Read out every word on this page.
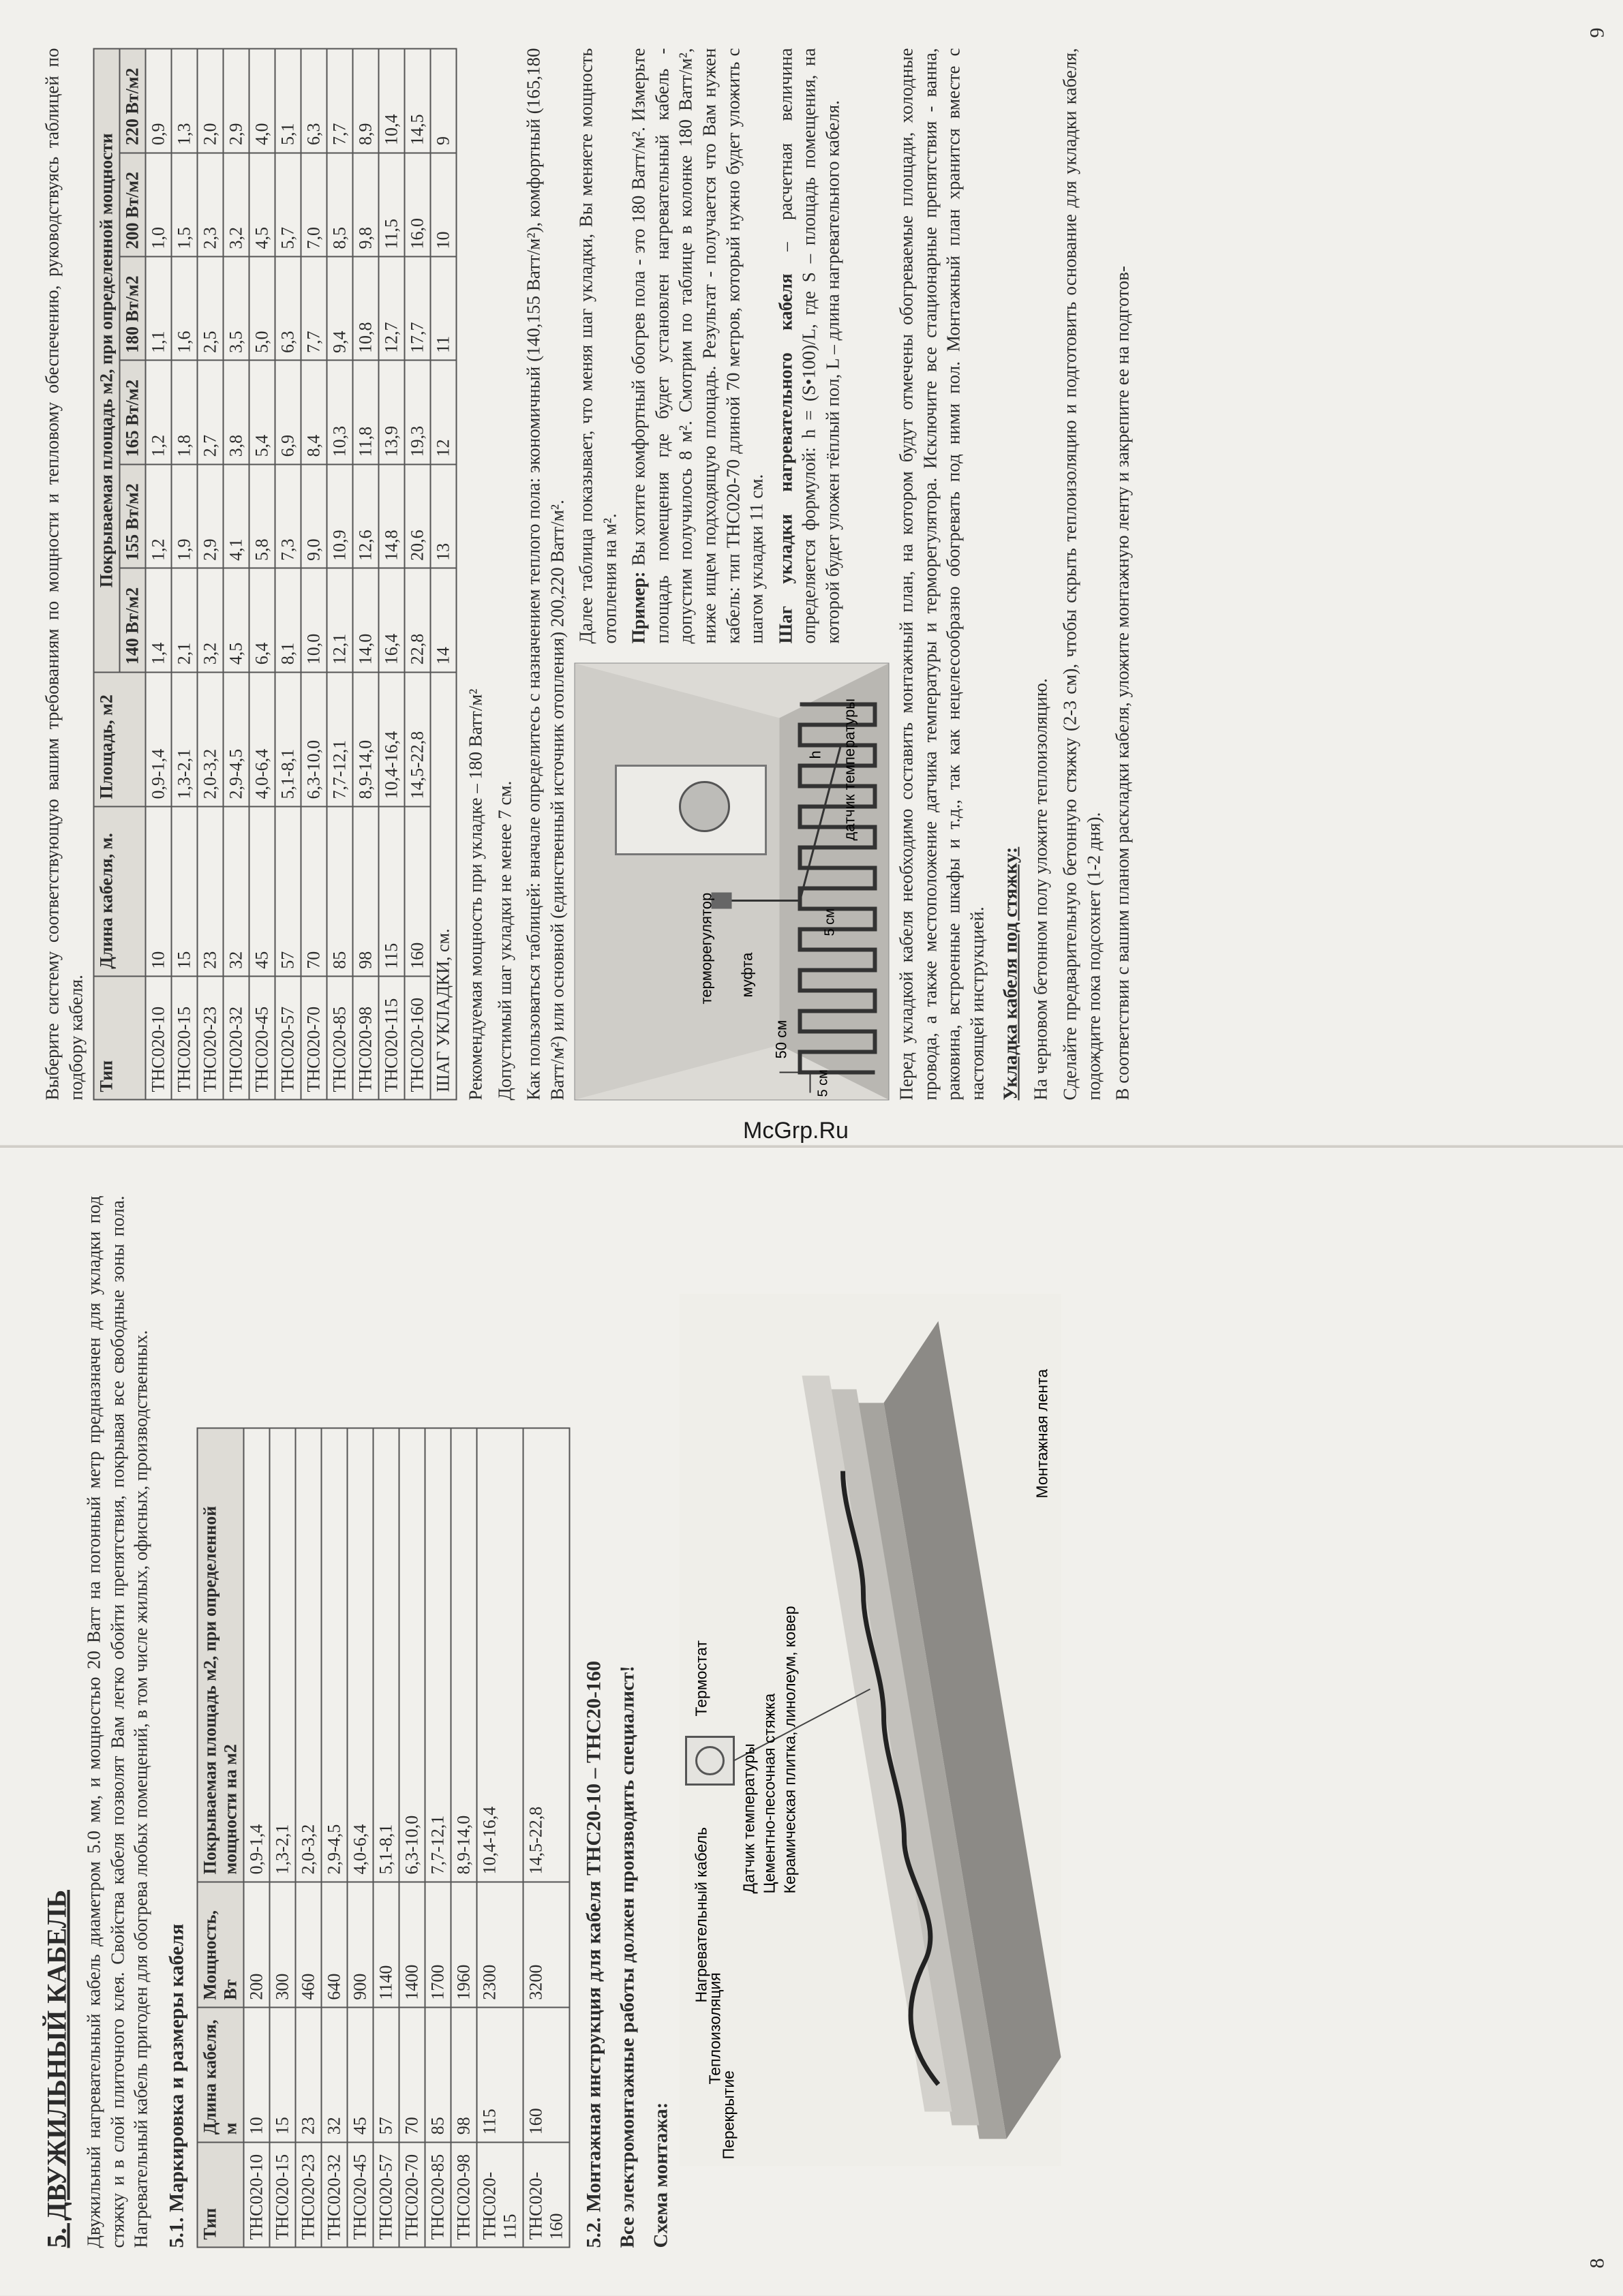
Выберите систему соответствующую вашим требованиям по мощности и тепловому обеспечению, руководствуясь таблицей по подбору кабеля. Тип	Длина кабеля, м.	Площадь, м2	Покрываемая площадь м2, при определенной мощности					
			140 Вт/м2	155 Вт/м2	165 Вт/м2	180 Вт/м2	200 Вт/м2	220 Вт/м2
ТНС020-10	10	0,9-1,4	1,4	1,2	1,2	1,1	1,0	0,9
ТНС020-15	15	1,3-2,1	2,1	1,9	1,8	1,6	1,5	1,3
ТНС020-23	23	2,0-3,2	3,2	2,9	2,7	2,5	2,3	2,0
ТНС020-32	32	2,9-4,5	4,5	4,1	3,8	3,5	3,2	2,9
ТНС020-45	45	4,0-6,4	6,4	5,8	5,4	5,0	4,5	4,0
ТНС020-57	57	5,1-8,1	8,1	7,3	6,9	6,3	5,7	5,1
ТНС020-70	70	6,3-10,0	10,0	9,0	8,4	7,7	7,0	6,3
ТНС020-85	85	7,7-12,1	12,1	10,9	10,3	9,4	8,5	7,7
ТНС020-98	98	8,9-14,0	14,0	12,6	11,8	10,8	9,8	8,9
ТНС020-115	115	10,4-16,4	16,4	14,8	13,9	12,7	11,5	10,4
ТНС020-160	160	14,5-22,8	22,8	20,6	19,3	17,7	16,0	14,5
ШАГ УКЛАДКИ, см.			14	13	12	11	10	9

Рекомендуемая мощность при укладке – 180 Ватт/м² Допустимый шаг укладки не менее 7 см. Как пользоваться таблицей: вначале определитесь с назначением теплого пола: экономичный (140,155 Ватт/м²), комфортный (165,180 Ватт/м²) или основной (единственный источник отопления) 200,220 Ватт/м².	терморегулятор муфта
50 см
5 см
5 см
датчик температуры
h

Далее таблица показывает, что меняя шаг укладки, Вы меняете мощность отопления на м². Пример: Вы хотите комфортный обогрев пола - это 180 Ватт/м². Измерьте площадь помещения где будет установлен нагревательный кабель - допустим получилось 8 м². Смотрим по таблице в колонке 180 Ватт/м², ниже ищем подходящую площадь. Результат - получается что Вам нужен кабель: тип ТНС020-70 длиной 70 метров, который нужно будет уложить с шагом укладки 11 см. Шаг укладки нагревательного кабеля – расчетная величина определяется формулой: h = (S•100)/L, где S – площадь помещения, на которой будет уложен тёплый пол, L – длина нагревательного кабеля.	Перед укладкой кабеля необходимо составить монтажный план, на котором будут отмечены обогреваемые площади, холодные провода, а также местоположение датчика температуры и терморегулятора. Исключите все стационарные препятствия - ванна, раковина, встроенные шкафы и т.д., так как нецелесообразно обогревать под ними пол. Монтажный план хранится вместе с настоящей инструкцией. Укладка кабеля под стяжку: На черновом бетонном полу уложите теплоизоляцию. Сделайте предварительную бетонную стяжку (2-3 см), чтобы скрыть теплоизоляцию и подготовить основание для укладки кабеля, подождите пока подсохнет (1-2 дня). В соответствии с вашим планом раскладки кабеля, уложите монтажную ленту и закрепите ее на подготов-

9
McGrp.Ru
5. ДВУЖИЛЬНЫЙ КАБЕЛЬ Двужильный нагревательный кабель диаметром 5.0 мм, и мощностью 20 Ватт на погонный метр предназначен для укладки под стяжку и в слой плиточного клея. Свойства кабеля позволят Вам легко обойти препятствия, покрывая все свободные зоны пола. Нагревательный кабель пригоден для обогрева любых помещений, в том числе жилых, офисных, производственных. 5.1. Маркировка и размеры кабеля Тип	Длина кабеля, м	Мощность, Вт	Покрываемая площадь м2, при определенной мощности на м2
ТНС020-10	10	200	0,9-1,4
ТНС020-15	15	300	1,3-2,1
ТНС020-23	23	460	2,0-3,2
ТНС020-32	32	640	2,9-4,5
ТНС020-45	45	900	4,0-6,4
ТНС020-57	57	1140	5,1-8,1
ТНС020-70	70	1400	6,3-10,0
ТНС020-85	85	1700	7,7-12,1
ТНС020-98	98	1960	8,9-14,0
ТНС020-115	115	2300	10,4-16,4
ТНС020-160	160	3200	14,5-22,8 5.2. Монтажная инструкция для кабеля ТНС20-10 – ТНС20-160 Все электромонтажные работы должен производить специалист! Схема монтажа:	Перекрытие
Теплоизоляция
Нагревательный кабель
Датчик температуры Цементно-песочная стяжка Керамическая плитка, линолеум, ковер
Термостат
Монтажная лента
8
